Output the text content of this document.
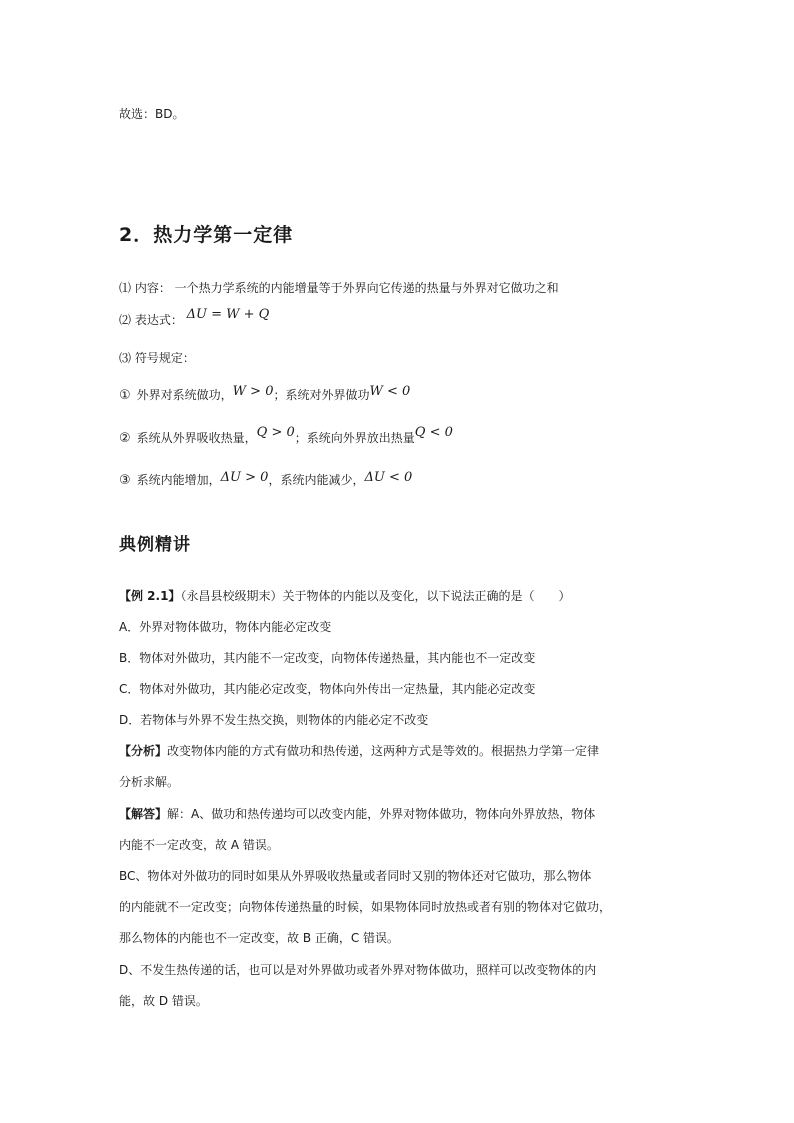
故选：BD。
2．热力学第一定律
⑴ 内容： 一个热力学系统的内能增量等于外界向它传递的热量与外界对它做功之和
⑵ 表达式： ΔU = W + Q
⑶ 符号规定：
① 外界对系统做功，W > 0；系统对外界做功W < 0
② 系统从外界吸收热量，Q > 0；系统向外界放出热量Q < 0
③ 系统内能增加，ΔU > 0，系统内能减少，ΔU < 0
典例精讲
【例 2.1】（永昌县校级期末）关于物体的内能以及变化，以下说法正确的是（　　）
A．外界对物体做功，物体内能必定改变
B．物体对外做功，其内能不一定改变，向物体传递热量，其内能也不一定改变
C．物体对外做功，其内能必定改变，物体向外传出一定热量，其内能必定改变
D．若物体与外界不发生热交换，则物体的内能必定不改变
【分析】改变物体内能的方式有做功和热传递，这两种方式是等效的。根据热力学第一定律
分析求解。
【解答】解：A、做功和热传递均可以改变内能，外界对物体做功，物体向外界放热，物体
内能不一定改变，故 A 错误。
BC、物体对外做功的同时如果从外界吸收热量或者同时又别的物体还对它做功，那么物体
的内能就不一定改变；向物体传递热量的时候，如果物体同时放热或者有别的物体对它做功，
那么物体的内能也不一定改变，故 B 正确，C 错误。
D、不发生热传递的话，也可以是对外界做功或者外界对物体做功，照样可以改变物体的内
能，故 D 错误。
